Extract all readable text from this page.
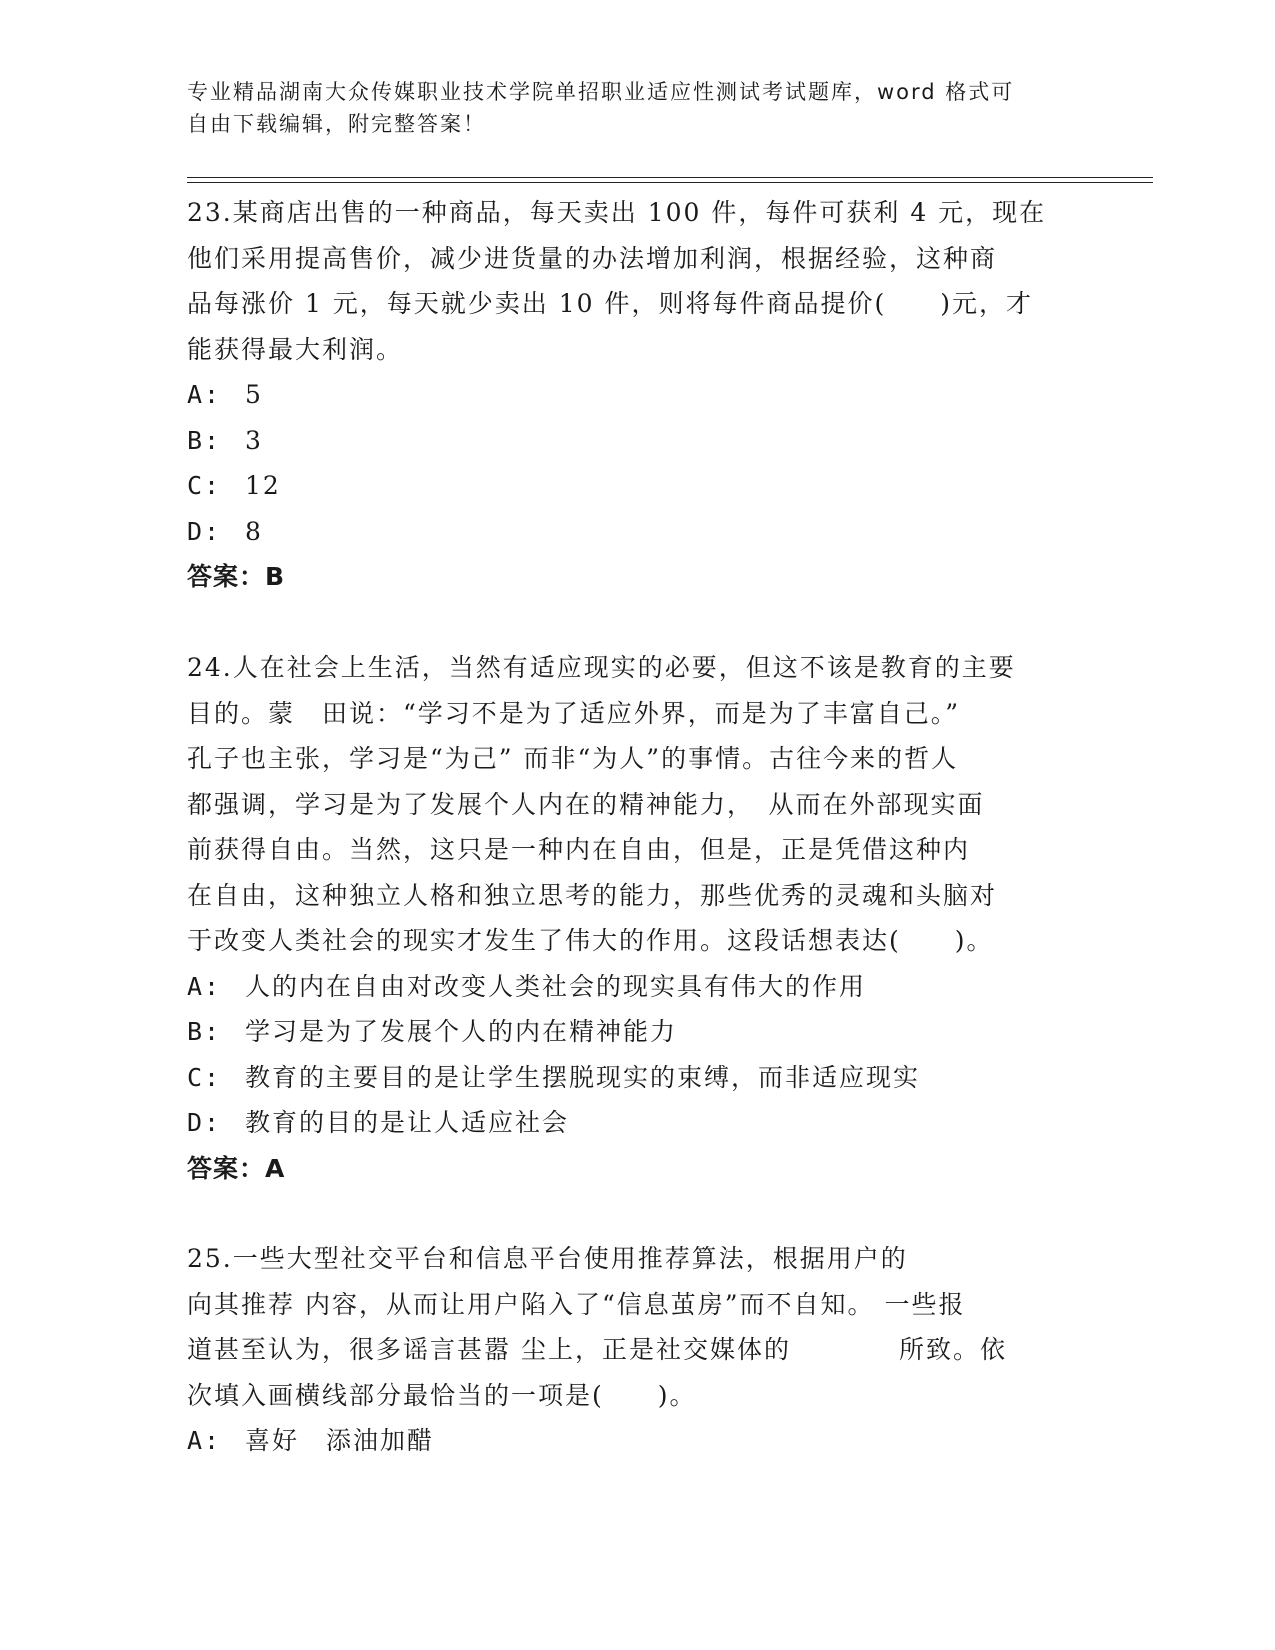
专业精品湖南大众传媒职业技术学院单招职业适应性测试考试题库，word 格式可
自由下载编辑，附完整答案！
23.某商店出售的一种商品，每天卖出 100 件，每件可获利 4 元，现在
他们采用提高售价，减少进货量的办法增加利润，根据经验，这种商
品每涨价 1 元，每天就少卖出 10 件，则将每件商品提价(　　)元，才
能获得最大利润。
A: 5
B: 3
C: 12
D: 8
答案：B
24.人在社会上生活，当然有适应现实的必要，但这不该是教育的主要
目的。蒙　田说：“学习不是为了适应外界，而是为了丰富自己。”
孔子也主张，学习是“为己” 而非“为人”的事情。古往今来的哲人
都强调，学习是为了发展个人内在的精神能力，　从而在外部现实面
前获得自由。当然，这只是一种内在自由，但是，正是凭借这种内
在自由，这种独立人格和独立思考的能力，那些优秀的灵魂和头脑对
于改变人类社会的现实才发生了伟大的作用。这段话想表达(　　)。
A: 人的内在自由对改变人类社会的现实具有伟大的作用
B: 学习是为了发展个人的内在精神能力
C: 教育的主要目的是让学生摆脱现实的束缚，而非适应现实
D: 教育的目的是让人适应社会
答案：A
25.一些大型社交平台和信息平台使用推荐算法，根据用户的
向其推荐 内容，从而让用户陷入了“信息茧房”而不自知。 一些报
道甚至认为，很多谣言甚嚣 尘上，正是社交媒体的　　　　所致。依
次填入画横线部分最恰当的一项是(　　)。
A: 喜好　添油加醋
